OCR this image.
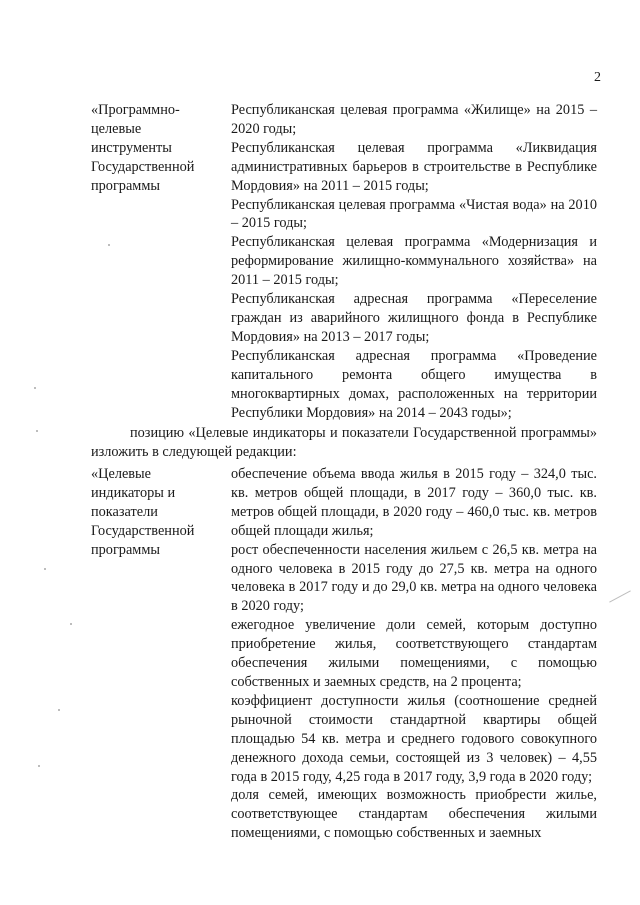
2
«Программно-
целевые
инструменты
Государственной
программы

Республиканская целевая программа «Жилище» на 2015 – 2020 годы;

Республиканская целевая программа «Ликвидация административных барьеров в строительстве в Республике Мордовия» на 2011 – 2015 годы;

Республиканская целевая программа «Чистая вода» на 2010 – 2015 годы;

Республиканская целевая программа «Модернизация и реформирование жилищно-коммунального хозяйства» на 2011 – 2015 годы;

Республиканская адресная программа «Переселение граждан из аварийного жилищного фонда в Республике Мордовия» на 2013 – 2017 годы;

Республиканская адресная программа «Проведение капитального ремонта общего имущества в многоквартирных домах, расположенных на территории Республики Мордовия» на 2014 – 2043 годы»;

позицию «Целевые индикаторы и показатели Государственной программы» изложить в следующей редакции:
«Целевые
индикаторы и
показатели
Государственной
программы

обеспечение объема ввода жилья в 2015 году – 324,0 тыс. кв. метров общей площади, в 2017 году – 360,0 тыс. кв. метров общей площади, в 2020 году – 460,0 тыс. кв. метров общей площади жилья;

рост обеспеченности населения жильем с 26,5 кв. метра на одного человека в 2015 году до 27,5 кв. метра на одного человека в 2017 году и до 29,0 кв. метра на одного человека в 2020 году;

ежегодное увеличение доли семей, которым доступно приобретение жилья, соответствующего стандартам обеспечения жилыми помещениями, с помощью собственных и заемных средств, на 2 процента;

коэффициент доступности жилья (соотношение средней рыночной стоимости стандартной квартиры общей площадью 54 кв. метра и среднего годового совокупного денежного дохода семьи, состоящей из 3 человек) – 4,55 года в 2015 году, 4,25 года в 2017 году, 3,9 года в 2020 году;

доля семей, имеющих возможность приобрести жилье, соответствующее стандартам обеспечения жилыми помещениями, с помощью собственных и заемных
